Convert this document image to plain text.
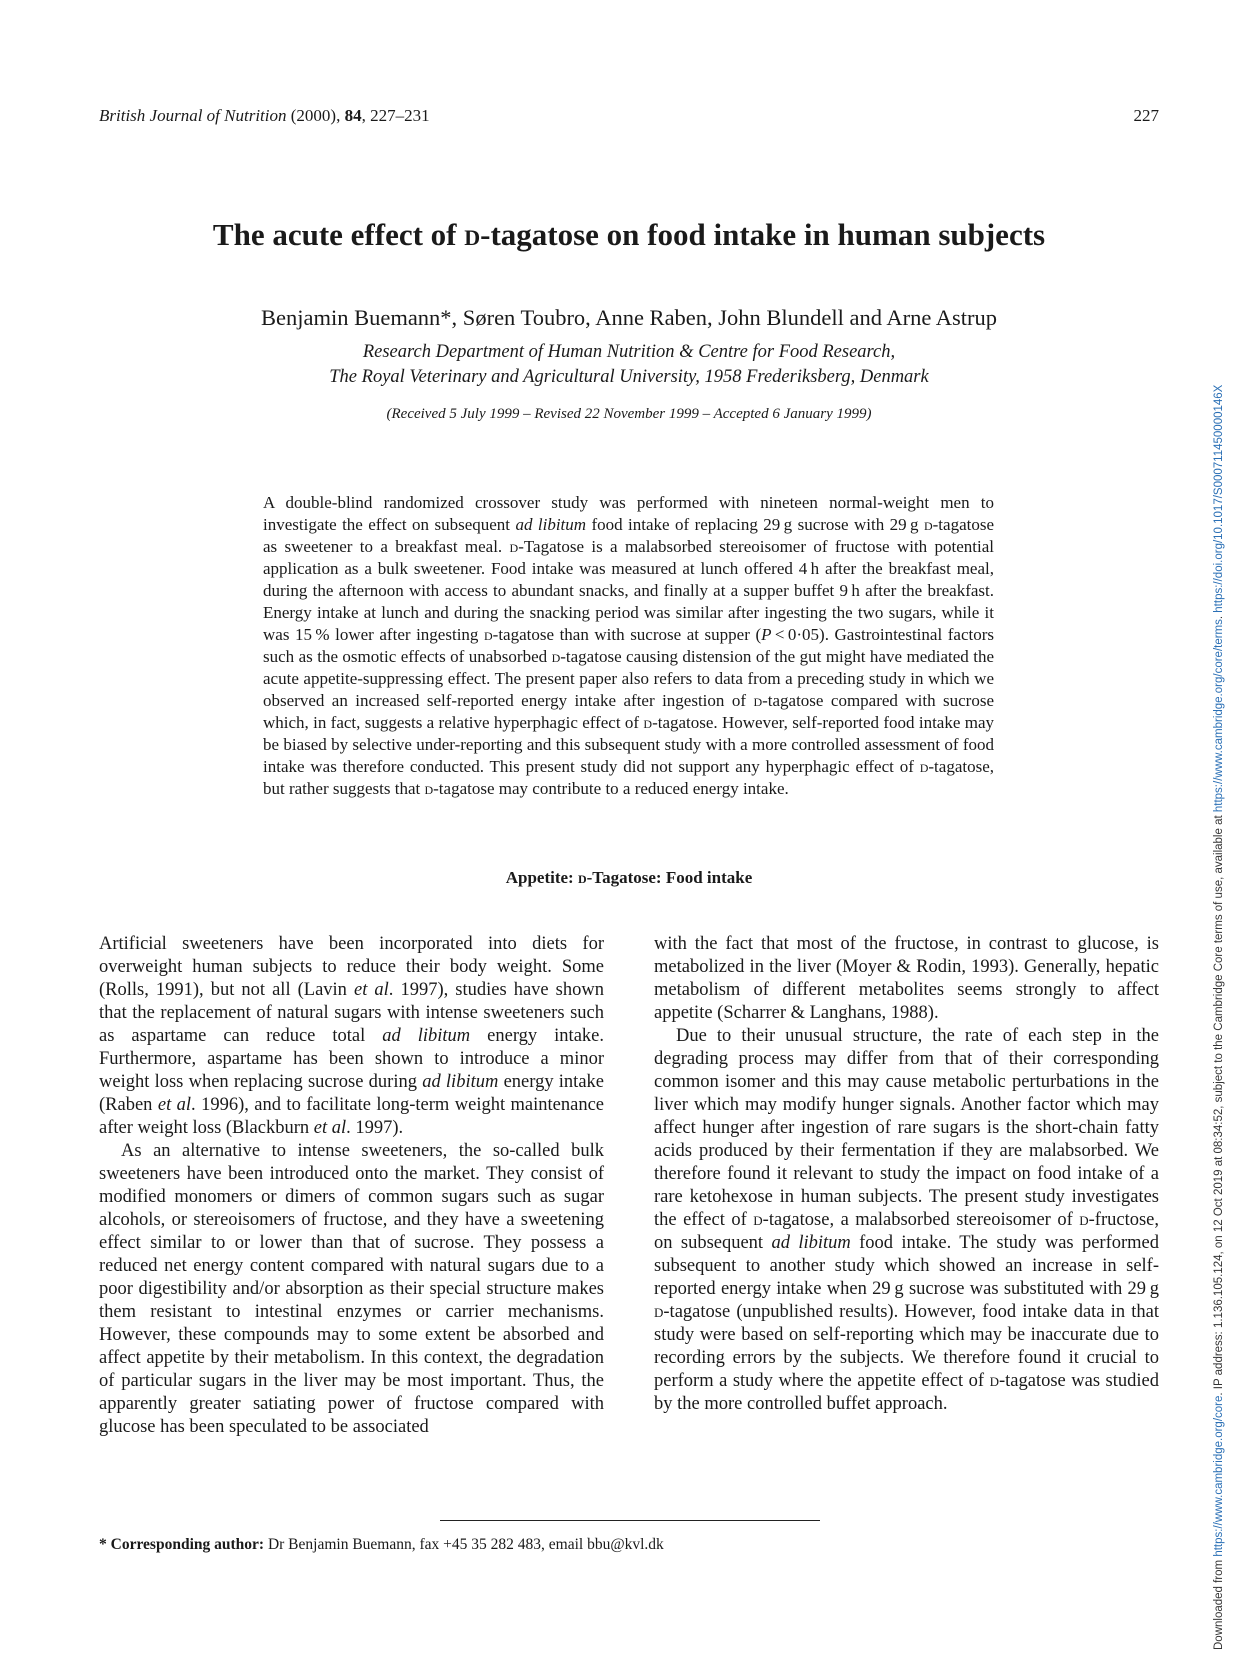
British Journal of Nutrition (2000), 84, 227–231	227
The acute effect of d-tagatose on food intake in human subjects
Benjamin Buemann*, Søren Toubro, Anne Raben, John Blundell and Arne Astrup
Research Department of Human Nutrition & Centre for Food Research,
The Royal Veterinary and Agricultural University, 1958 Frederiksberg, Denmark
(Received 5 July 1999 – Revised 22 November 1999 – Accepted 6 January 1999)

A double-blind randomized crossover study was performed with nineteen normal-weight men to investigate the effect on subsequent ad libitum food intake of replacing 29 g sucrose with 29 g d-tagatose as sweetener to a breakfast meal. d-Tagatose is a malabsorbed stereoisomer of fructose with potential application as a bulk sweetener. Food intake was measured at lunch offered 4 h after the breakfast meal, during the afternoon with access to abundant snacks, and finally at a supper buffet 9 h after the breakfast. Energy intake at lunch and during the snacking period was similar after ingesting the two sugars, while it was 15 % lower after ingesting d-tagatose than with sucrose at supper (P < 0·05). Gastrointestinal factors such as the osmotic effects of unabsorbed d-tagatose causing distension of the gut might have mediated the acute appetite-suppressing effect. The present paper also refers to data from a preceding study in which we observed an increased self-reported energy intake after ingestion of d-tagatose compared with sucrose which, in fact, suggests a relative hyperphagic effect of d-tagatose. However, self-reported food intake may be biased by selective under-reporting and this subsequent study with a more controlled assessment of food intake was therefore conducted. This present study did not support any hyperphagic effect of d-tagatose, but rather suggests that d-tagatose may contribute to a reduced energy intake.

Appetite: d-Tagatose: Food intake

Artificial sweeteners have been incorporated into diets for overweight human subjects to reduce their body weight. Some (Rolls, 1991), but not all (Lavin et al. 1997), studies have shown that the replacement of natural sugars with intense sweeteners such as aspartame can reduce total ad libitum energy intake. Furthermore, aspartame has been shown to introduce a minor weight loss when replacing sucrose during ad libitum energy intake (Raben et al. 1996), and to facilitate long-term weight maintenance after weight loss (Blackburn et al. 1997).

As an alternative to intense sweeteners, the so-called bulk sweeteners have been introduced onto the market. They consist of modified monomers or dimers of common sugars such as sugar alcohols, or stereoisomers of fructose, and they have a sweetening effect similar to or lower than that of sucrose. They possess a reduced net energy content compared with natural sugars due to a poor digestibility and/or absorption as their special structure makes them resistant to intestinal enzymes or carrier mechanisms. However, these compounds may to some extent be absorbed and affect appetite by their metabolism. In this context, the degradation of particular sugars in the liver may be most important. Thus, the apparently greater satiating power of fructose compared with glucose has been speculated to be associated

with the fact that most of the fructose, in contrast to glucose, is metabolized in the liver (Moyer & Rodin, 1993). Generally, hepatic metabolism of different metabolites seems strongly to affect appetite (Scharrer & Langhans, 1988).

Due to their unusual structure, the rate of each step in the degrading process may differ from that of their corresponding common isomer and this may cause metabolic perturbations in the liver which may modify hunger signals. Another factor which may affect hunger after ingestion of rare sugars is the short-chain fatty acids produced by their fermentation if they are malabsorbed. We therefore found it relevant to study the impact on food intake of a rare ketohexose in human subjects. The present study investigates the effect of d-tagatose, a malabsorbed stereoisomer of d-fructose, on subsequent ad libitum food intake. The study was performed subsequent to another study which showed an increase in self-reported energy intake when 29 g sucrose was substituted with 29 g d-tagatose (unpublished results). However, food intake data in that study were based on self-reporting which may be inaccurate due to recording errors by the subjects. We therefore found it crucial to perform a study where the appetite effect of d-tagatose was studied by the more controlled buffet approach.

* Corresponding author: Dr Benjamin Buemann, fax +45 35 282 483, email bbu@kvl.dk
Downloaded from https://www.cambridge.org/core. IP address: 1.136.105.124, on 12 Oct 2019 at 08:34:52, subject to the Cambridge Core terms of use, available at https://www.cambridge.org/core/terms. https://doi.org/10.1017/S000711450000146X
